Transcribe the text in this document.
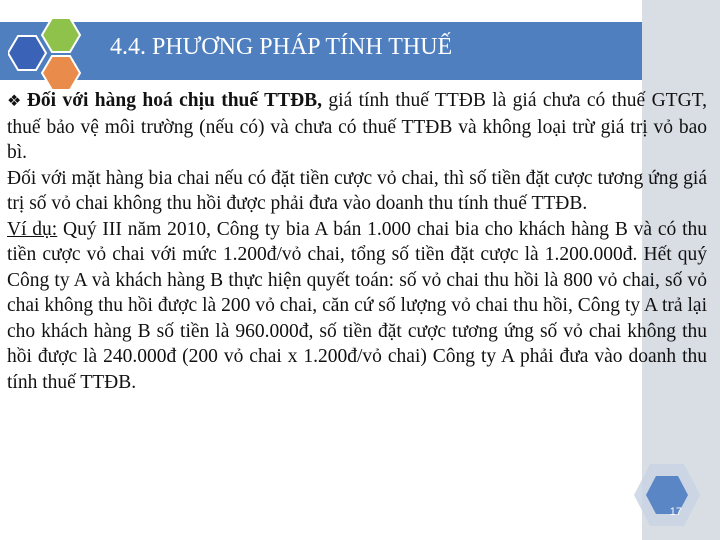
4.4. PHƯƠNG PHÁP TÍNH THUẾ

❖ Đối với hàng hoá chịu thuế TTĐB, giá tính thuế TTĐB là giá chưa có thuế GTGT, thuế bảo vệ môi trường (nếu có) và chưa có thuế TTĐB và không loại trừ giá trị vỏ bao bì.

Đối với mặt hàng bia chai nếu có đặt tiền cược vỏ chai, thì số tiền đặt cược tương ứng giá trị số vỏ chai không thu hồi được phải đưa vào doanh thu tính thuế TTĐB.

Ví dụ: Quý III năm 2010, Công ty bia A bán 1.000 chai bia cho khách hàng B và có thu tiền cược vỏ chai với mức 1.200đ/vỏ chai, tổng số tiền đặt cược là 1.200.000đ. Hết quý Công ty A và khách hàng B thực hiện quyết toán: số vỏ chai thu hồi là 800 vỏ chai, số vỏ chai không thu hồi được là 200 vỏ chai, căn cứ số lượng vỏ chai thu hồi, Công ty A trả lại cho khách hàng B số tiền là 960.000đ, số tiền đặt cược tương ứng số vỏ chai không thu hồi được là 240.000đ (200 vỏ chai x 1.200đ/vỏ chai) Công ty A phải đưa vào doanh thu tính thuế TTĐB.

17
